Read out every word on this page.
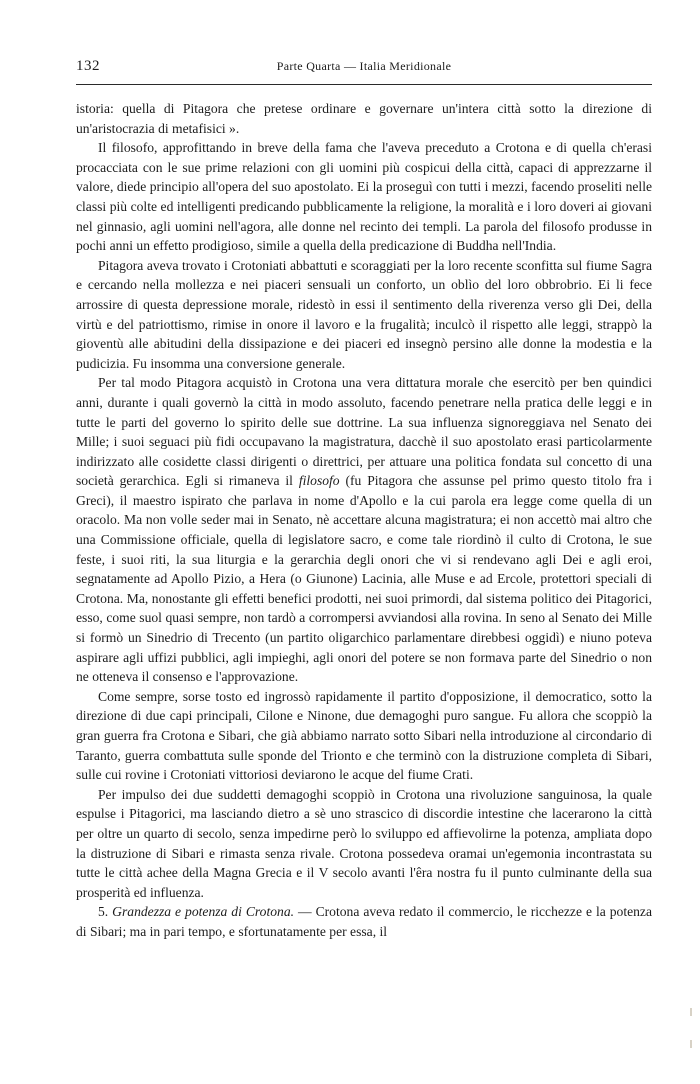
132	Parte Quarta — Italia Meridionale

istoria: quella di Pitagora che pretese ordinare e governare un'intera città sotto la direzione di un'aristocrazia di metafisici ».

Il filosofo, approfittando in breve della fama che l'aveva preceduto a Crotona e di quella ch'erasi procacciata con le sue prime relazioni con gli uomini più cospicui della città, capaci di apprezzarne il valore, diede principio all'opera del suo apostolato. Ei la proseguì con tutti i mezzi, facendo proseliti nelle classi più colte ed intelligenti predicando pubblicamente la religione, la moralità e i loro doveri ai giovani nel ginnasio, agli uomini nell'agora, alle donne nel recinto dei templi. La parola del filosofo produsse in pochi anni un effetto prodigioso, simile a quella della predicazione di Buddha nell'India.

Pitagora aveva trovato i Crotoniati abbattuti e scoraggiati per la loro recente sconfitta sul fiume Sagra e cercando nella mollezza e nei piaceri sensuali un conforto, un oblìo del loro obbrobrio. Ei li fece arrossire di questa depressione morale, ridestò in essi il sentimento della riverenza verso gli Dei, della virtù e del patriottismo, rimise in onore il lavoro e la frugalità; inculcò il rispetto alle leggi, strappò la gioventù alle abitudini della dissipazione e dei piaceri ed insegnò persino alle donne la modestia e la pudicizia. Fu insomma una conversione generale.

Per tal modo Pitagora acquistò in Crotona una vera dittatura morale che esercitò per ben quindici anni, durante i quali governò la città in modo assoluto, facendo penetrare nella pratica delle leggi e in tutte le parti del governo lo spirito delle sue dottrine. La sua influenza signoreggiava nel Senato dei Mille; i suoi seguaci più fidi occupavano la magistratura, dacchè il suo apostolato erasi particolarmente indirizzato alle cosidette classi dirigenti o direttrici, per attuare una politica fondata sul concetto di una società gerarchica. Egli si rimaneva il filosofo (fu Pitagora che assunse pel primo questo titolo fra i Greci), il maestro ispirato che parlava in nome d'Apollo e la cui parola era legge come quella di un oracolo. Ma non volle seder mai in Senato, nè accettare alcuna magistratura; ei non accettò mai altro che una Commissione officiale, quella di legislatore sacro, e come tale riordinò il culto di Crotona, le sue feste, i suoi riti, la sua liturgia e la gerarchia degli onori che vi si rendevano agli Dei e agli eroi, segnatamente ad Apollo Pizio, a Hera (o Giunone) Lacinia, alle Muse e ad Ercole, protettori speciali di Crotona. Ma, nonostante gli effetti benefici prodotti, nei suoi primordi, dal sistema politico dei Pitagorici, esso, come suol quasi sempre, non tardò a corrompersi avviandosi alla rovina. In seno al Senato dei Mille si formò un Sinedrio di Trecento (un partito oligarchico parlamentare direbbesi oggidì) e niuno poteva aspirare agli uffizi pubblici, agli impieghi, agli onori del potere se non formava parte del Sinedrio o non ne otteneva il consenso e l'approvazione.

Come sempre, sorse tosto ed ingrossò rapidamente il partito d'opposizione, il democratico, sotto la direzione di due capi principali, Cilone e Ninone, due demagoghi puro sangue. Fu allora che scoppiò la gran guerra fra Crotona e Sibari, che già abbiamo narrato sotto Sibari nella introduzione al circondario di Taranto, guerra combattuta sulle sponde del Trionto e che terminò con la distruzione completa di Sibari, sulle cui rovine i Crotoniati vittoriosi deviarono le acque del fiume Crati.

Per impulso dei due suddetti demagoghi scoppiò in Crotona una rivoluzione sanguinosa, la quale espulse i Pitagorici, ma lasciando dietro a sè uno strascico di discordie intestine che lacerarono la città per oltre un quarto di secolo, senza impedirne però lo sviluppo ed affievolirne la potenza, ampliata dopo la distruzione di Sibari e rimasta senza rivale. Crotona possedeva oramai un'egemonia incontrastata su tutte le città achee della Magna Grecia e il V secolo avanti l'êra nostra fu il punto culminante della sua prosperità ed influenza.

5. Grandezza e potenza di Crotona. — Crotona aveva redato il commercio, le ricchezze e la potenza di Sibari; ma in pari tempo, e sfortunatamente per essa, il
